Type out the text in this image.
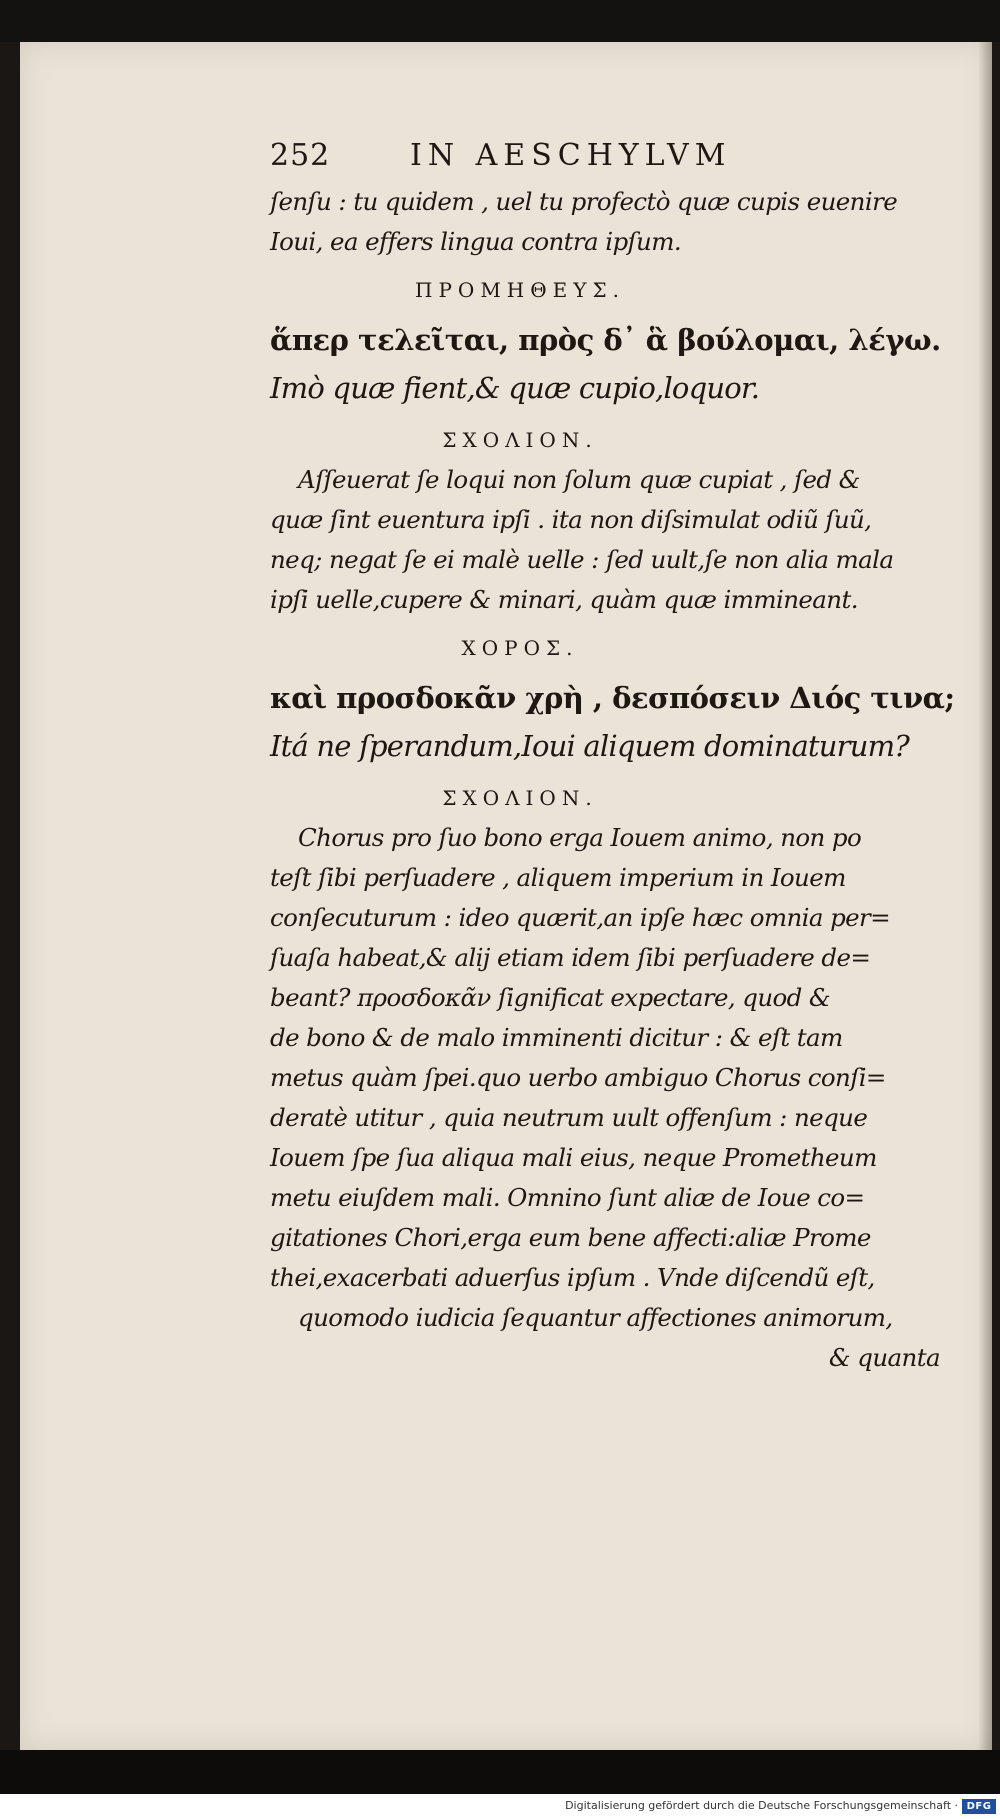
252	IN AESCHYLVM
ſenſu : tu quidem , uel tu profectò quæ cupis euenire
Ioui, ea effers lingua contra ipſum.
ΠΡΟΜΗΘΕΥΣ.
ἅπερ τελεῖται, πρὸς δ᾽ ἃ βούλομαι, λέγω.
Imò quæ fient,& quæ cupio,loquor.
ΣΧΟΛΙΟΝ.
Aſſeuerat ſe loqui non ſolum quæ cupiat , ſed &
quæ ſint euentura ipſi . ita non diſsimulat odiũ ſuũ,
neq; negat ſe ei malè uelle : ſed uult,ſe non alia mala
ipſi uelle,cupere & minari, quàm quæ immineant.
ΧΟΡΟΣ.
καὶ προσδοκᾶν χρὴ , δεσπόσειν Διός τινα;
Itá ne ſperandum,Ioui aliquem dominaturum?
ΣΧΟΛΙΟΝ.
Chorus pro ſuo bono erga Iouem animo, non po
teſt ſibi perſuadere , aliquem imperium in Iouem
conſecuturum : ideo quærit,an ipſe hæc omnia per=
ſuaſa habeat,& alij etiam idem ſibi perſuadere de=
beant? προσδοκᾶν ſignificat expectare, quod &
de bono & de malo imminenti dicitur : & eſt tam
metus quàm ſpei.quo uerbo ambiguo Chorus conſi=
deratè utitur , quia neutrum uult offenſum : neque
Iouem ſpe ſua aliqua mali eius, neque Prometheum
metu eiuſdem mali. Omnino ſunt aliæ de Ioue co=
gitationes Chori,erga eum bene affecti:aliæ Prome
thei,exacerbati aduerſus ipſum . Vnde diſcendũ eſt,
quomodo iudicia ſequantur affectiones animorum,
& quanta
Digitalisierung gefördert durch die Deutsche Forschungsgemeinschaft · DFG
